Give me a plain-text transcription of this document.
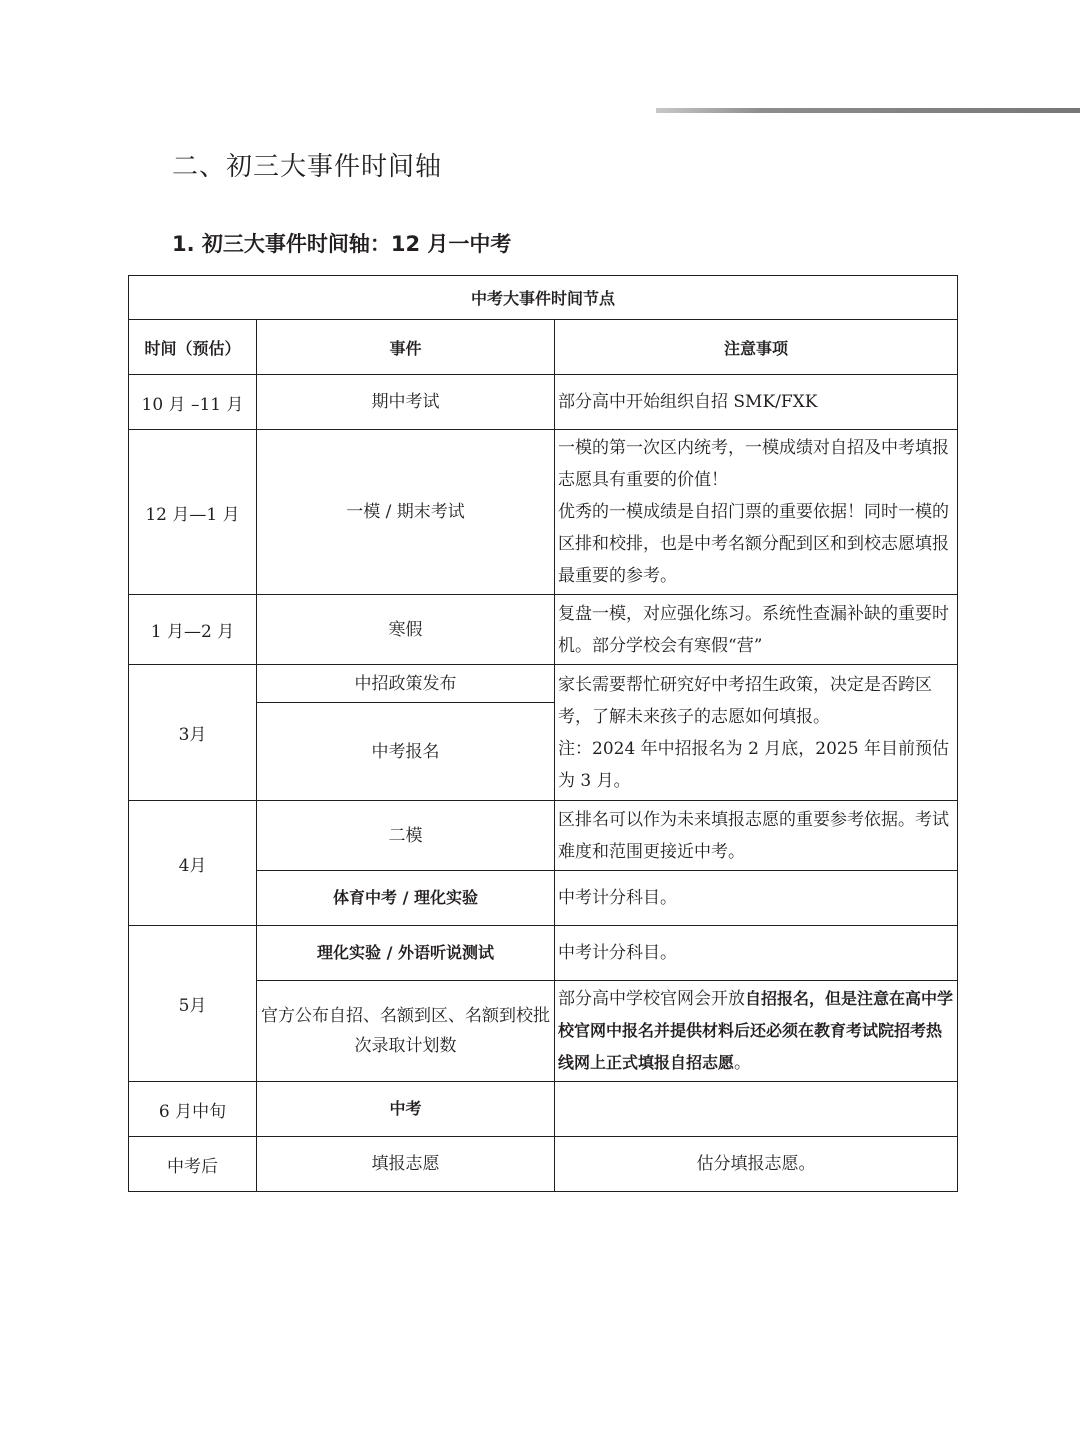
二、初三大事件时间轴
1. 初三大事件时间轴：12 月一中考
中考大事件时间节点		
时间（预估）	事件	注意事项
10 月 –11 月	期中考试	部分高中开始组织自招 SMK/FXK
12 月—1 月	一模 / 期末考试	一模的第一次区内统考，一模成绩对自招及中考填报志愿具有重要的价值！
优秀的一模成绩是自招门票的重要依据！同时一模的区排和校排，也是中考名额分配到区和到校志愿填报最重要的参考。

1 月—2 月	寒假	复盘一模，对应强化练习。系统性查漏补缺的重要时机。部分学校会有寒假“营”
3月	中招政策发布	家长需要帮忙研究好中考招生政策，决定是否跨区考，了解未来孩子的志愿如何填报。
注：2024 年中招报名为 2 月底，2025 年目前预估为 3 月。

	中考报名	
4月	二模	区排名可以作为未来填报志愿的重要参考依据。考试难度和范围更接近中考。
	体育中考 / 理化实验	中考计分科目。
5月	理化实验 / 外语听说测试	中考计分科目。
	官方公布自招、名额到区、名额到校批次录取计划数	部分高中学校官网会开放自招报名，但是注意在高中学校官网中报名并提供材料后还必须在教育考试院招考热线网上正式填报自招志愿。
6 月中旬	中考	
中考后	填报志愿	估分填报志愿。
